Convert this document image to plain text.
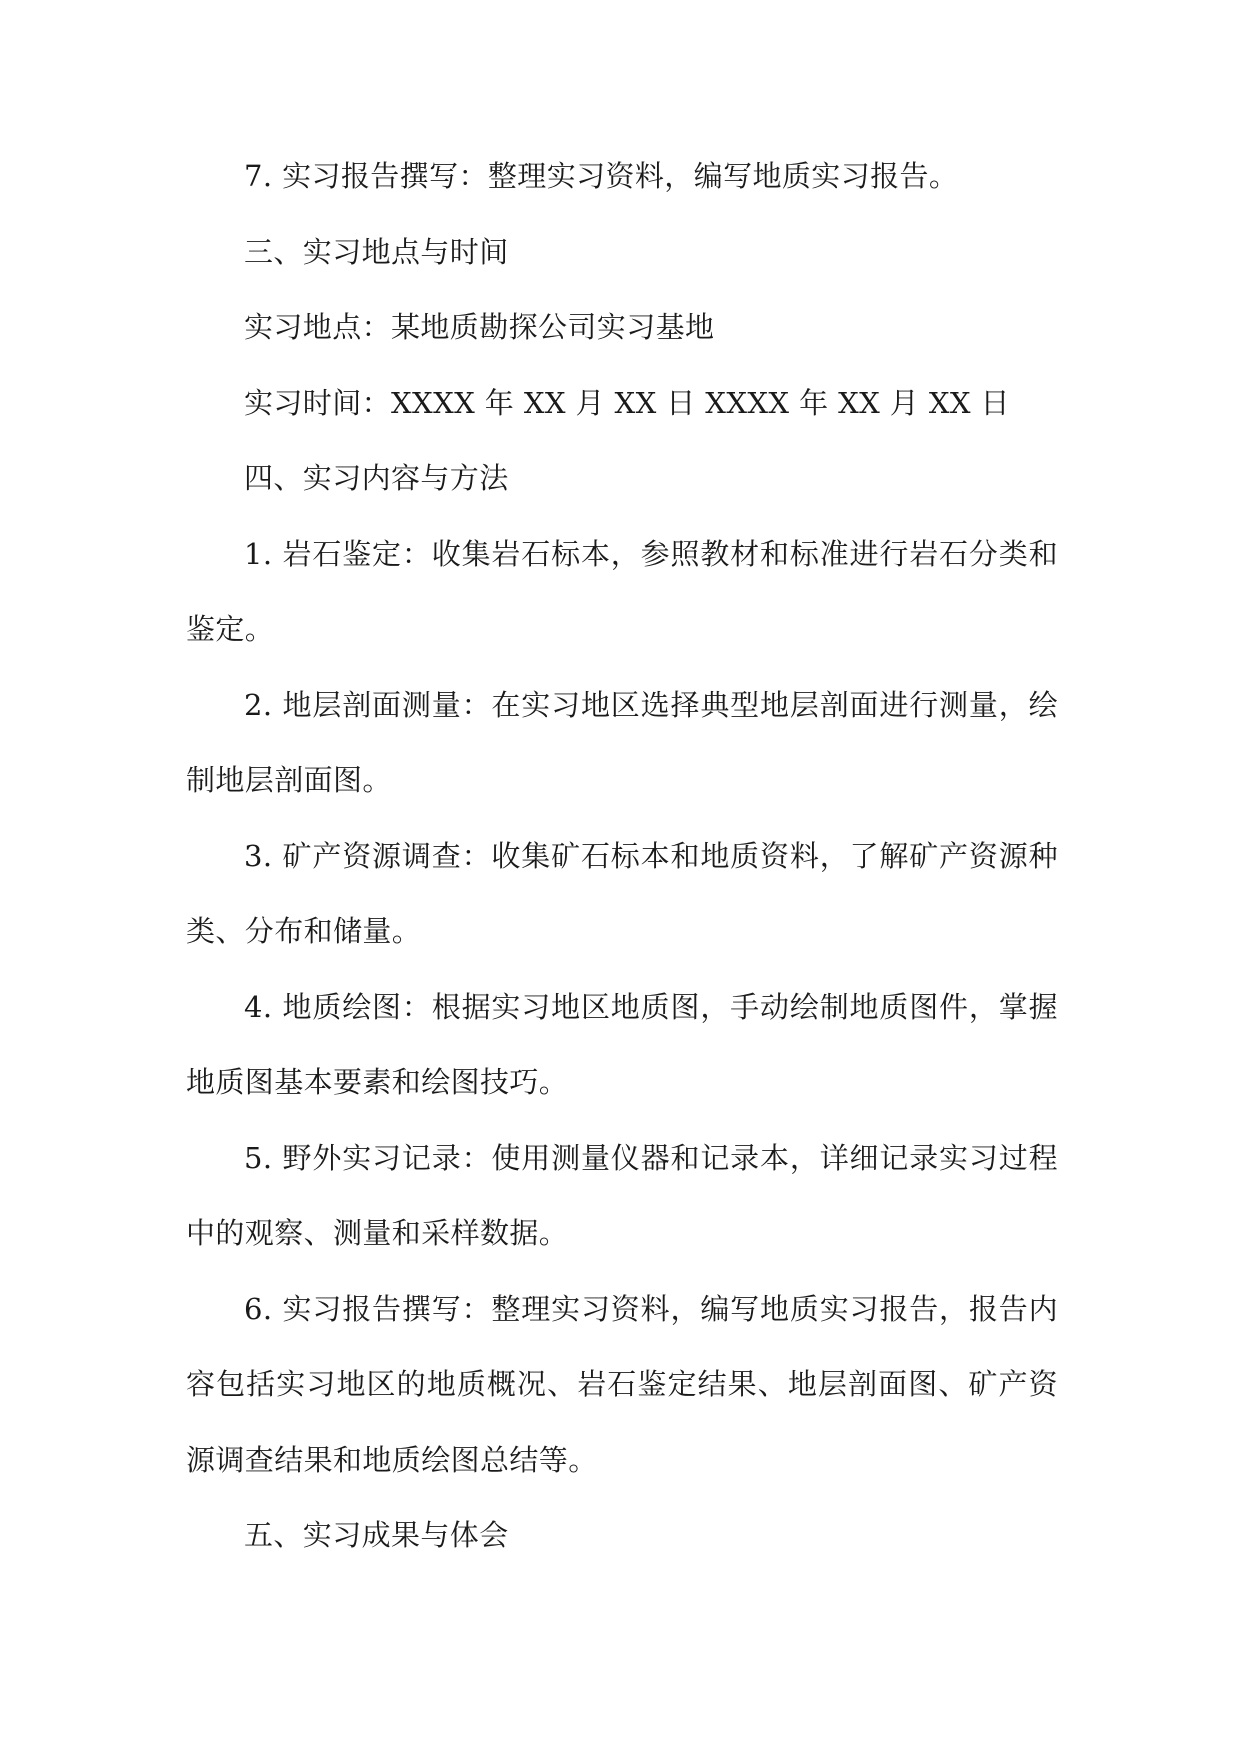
7. 实习报告撰写：整理实习资料，编写地质实习报告。

三、实习地点与时间

实习地点：某地质勘探公司实习基地

实习时间：XXXX 年 XX 月 XX 日 XXXX 年 XX 月 XX 日

四、实习内容与方法

1. 岩石鉴定：收集岩石标本，参照教材和标准进行岩石分类和鉴定。

2. 地层剖面测量：在实习地区选择典型地层剖面进行测量，绘制地层剖面图。

3. 矿产资源调查：收集矿石标本和地质资料，了解矿产资源种类、分布和储量。

4. 地质绘图：根据实习地区地质图，手动绘制地质图件，掌握地质图基本要素和绘图技巧。

5. 野外实习记录：使用测量仪器和记录本，详细记录实习过程中的观察、测量和采样数据。

6. 实习报告撰写：整理实习资料，编写地质实习报告，报告内容包括实习地区的地质概况、岩石鉴定结果、地层剖面图、矿产资源调查结果和地质绘图总结等。

五、实习成果与体会
